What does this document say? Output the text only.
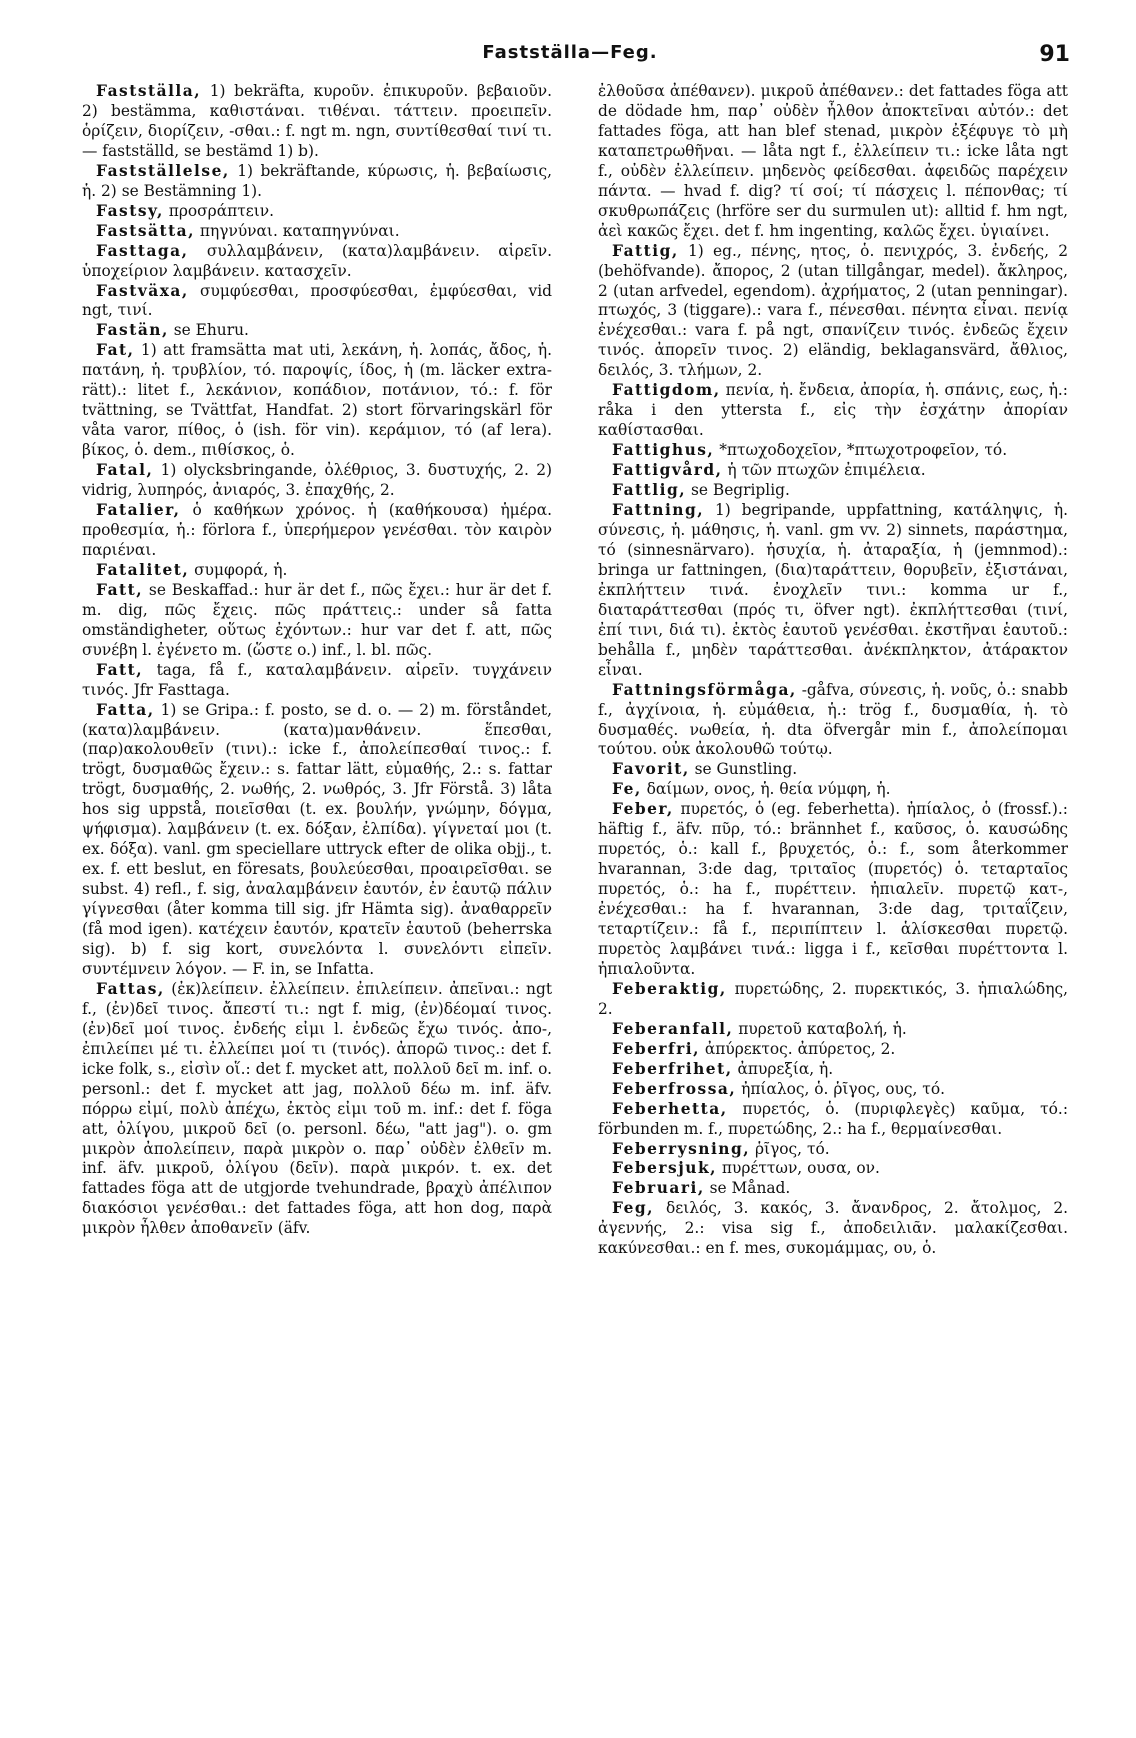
Fastställa—Feg.	91

Fastställa, 1) bekräfta, κυροῦν. ἐπικυροῦν. βεβαιοῦν. 2) bestämma, καθιστάναι. τιθέναι. τάττειν. προειπεῖν. ὁρίζειν, διορίζειν, -σθαι.: f. ngt m. ngn, συντίθεσθαί τινί τι. — fastställd, se bestämd 1) b).

Fastställelse, 1) bekräftande, κύρωσις, ἡ. βεβαίωσις, ἡ. 2) se Bestämning 1).

Fastsy, προσράπτειν.

Fastsätta, πηγνύναι. καταπηγνύναι.

Fasttaga, συλλαμβάνειν, (κατα)λαμβάνειν. αἱρεῖν. ὑποχείριον λαμβάνειν. κατασχεῖν.

Fastväxa, συμφύεσθαι, προσφύεσθαι, ἐμφύεσθαι, vid ngt, τινί.

Fastän, se Ehuru.

Fat, 1) att framsätta mat uti, λεκάνη, ἡ. λοπάς, ἄδος, ἡ. πατάνη, ἡ. τρυβλίον, τό. παροψίς, ίδος, ἡ (m. läcker extra-rätt).: litet f., λεκάνιον, κοπάδιον, ποτάνιον, τό.: f. för tvättning, se Tvättfat, Handfat. 2) stort förvaringskärl för våta varor, πίθος, ὁ (ish. för vin). κεράμιον, τό (af lera). βίκος, ὁ. dem., πιθίσκος, ὁ.

Fatal, 1) olycksbringande, ὀλέθριος, 3. δυστυχής, 2. 2) vidrig, λυπηρός, ἀνιαρός, 3. ἐπαχθής, 2.

Fatalier, ὁ καθήκων χρόνος. ἡ (καθήκουσα) ἡμέρα. προθεσμία, ἡ.: förlora f., ὑπερήμερον γενέσθαι. τὸν καιρὸν παριέναι.

Fatalitet, συμφορά, ἡ.

Fatt, se Beskaffad.: hur är det f., πῶς ἔχει.: hur är det f. m. dig, πῶς ἔχεις. πῶς πράττεις.: under så fatta omständigheter, οὕτως ἐχόντων.: hur var det f. att, πῶς συνέβη l. ἐγένετο m. (ὥστε o.) inf., l. bl. πῶς.

Fatt, taga, få f., καταλαμβάνειν. αἱρεῖν. τυγχάνειν τινός. Jfr Fasttaga.

Fatta, 1) se Gripa.: f. posto, se d. o. — 2) m. förståndet, (κατα)λαμβάνειν. (κατα)μανθάνειν. ἕπεσθαι, (παρ)ακολουθεῖν (τινι).: icke f., ἀπολείπεσθαί τινος.: f. trögt, δυσμαθῶς ἔχειν.: s. fattar lätt, εὐμαθής, 2.: s. fattar trögt, δυσμαθής, 2. νωθής, 2. νωθρός, 3. Jfr Förstå. 3) låta hos sig uppstå, ποιεῖσθαι (t. ex. βουλήν, γνώμην, δόγμα, ψήφισμα). λαμβάνειν (t. ex. δόξαν, ἐλπίδα). γίγνεταί μοι (t. ex. δόξα). vanl. gm speciellare uttryck efter de olika objj., t. ex. f. ett beslut, en föresats, βουλεύεσθαι, προαιρεῖσθαι. se subst. 4) refl., f. sig, ἀναλαμβάνειν ἑαυτόν, ἐν ἑαυτῷ πάλιν γίγνεσθαι (åter komma till sig. jfr Hämta sig). ἀναθαρρεῖν (få mod igen). κατέχειν ἑαυτόν, κρατεῖν ἑαυτοῦ (beherrska sig). b) f. sig kort, συνελόντα l. συνελόντι εἰπεῖν. συντέμνειν λόγον. — F. in, se Infatta.

Fattas, (ἐκ)λείπειν. ἐλλείπειν. ἐπιλείπειν. ἀπεῖναι.: ngt f., (ἐν)δεῖ τινος. ἄπεστί τι.: ngt f. mig, (ἐν)δέομαί τινος. (ἐν)δεῖ μοί τινος. ἐνδεής εἰμι l. ἐνδεῶς ἔχω τινός. ἀπο-, ἐπιλείπει μέ τι. ἐλλείπει μοί τι (τινός). ἀπορῶ τινος.: det f. icke folk, s., εἰσὶν οἵ.: det f. mycket att, πολλοῦ δεῖ m. inf. o. personl.: det f. mycket att jag, πολλοῦ δέω m. inf. äfv. πόρρω εἰμί, πολὺ ἀπέχω, ἐκτὸς εἰμι τοῦ m. inf.: det f. föga att, ὀλίγου, μικροῦ δεῖ (o. personl. δέω, "att jag"). o. gm μικρὸν ἀπολείπειν, παρὰ μικρὸν o. παρ᾽ οὐδὲν ἐλθεῖν m. inf. äfv. μικροῦ, ὀλίγου (δεῖν). παρὰ μικρόν. t. ex. det fattades föga att de utgjorde tvehundrade, βραχὺ ἀπέλιπον διακόσιοι γενέσθαι.: det fattades föga, att hon dog, παρὰ μικρὸν ἦλθεν ἀποθανεῖν (äfv.

ἐλθοῦσα ἀπέθανεν). μικροῦ ἀπέθανεν.: det fattades föga att de dödade hm, παρ᾽ οὐδὲν ἦλθον ἀποκτεῖναι αὐτόν.: det fattades föga, att han blef stenad, μικρὸν ἐξέφυγε τὸ μὴ καταπετρωθῆναι. — låta ngt f., ἐλλείπειν τι.: icke låta ngt f., οὐδὲν ἐλλείπειν. μηδενὸς φείδεσθαι. ἀφειδῶς παρέχειν πάντα. — hvad f. dig? τί σοί; τί πάσχεις l. πέπονθας; τί σκυθρωπάζεις (hrföre ser du surmulen ut): alltid f. hm ngt, ἀεὶ κακῶς ἔχει. det f. hm ingenting, καλῶς ἔχει. ὑγιαίνει.

Fattig, 1) eg., πένης, ητος, ὁ. πενιχρός, 3. ἐνδεής, 2 (behöfvande). ἄπορος, 2 (utan tillgångar, medel). ἄκληρος, 2 (utan arfvedel, egendom). ἀχρήματος, 2 (utan penningar). πτωχός, 3 (tiggare).: vara f., πένεσθαι. πένητα εἶναι. πενίᾳ ἐνέχεσθαι.: vara f. på ngt, σπανίζειν τινός. ἐνδεῶς ἔχειν τινός. ἀπορεῖν τινος. 2) eländig, beklagansvärd, ἄθλιος, δειλός, 3. τλήμων, 2.

Fattigdom, πενία, ἡ. ἔνδεια, ἀπορία, ἡ. σπάνις, εως, ἡ.: råka i den yttersta f., εἰς τὴν ἐσχάτην ἀπορίαν καθίστασθαι.

Fattighus, *πτωχοδοχεῖον, *πτωχοτροφεῖον, τό.

Fattigvård, ἡ τῶν πτωχῶν ἐπιμέλεια.

Fattlig, se Begriplig.

Fattning, 1) begripande, uppfattning, κατάληψις, ἡ. σύνεσις, ἡ. μάθησις, ἡ. vanl. gm vv. 2) sinnets, παράστημα, τό (sinnesnärvaro). ἡσυχία, ἡ. ἀταραξία, ἡ (jemnmod).: bringa ur fattningen, (δια)ταράττειν, θορυβεῖν, ἐξιστάναι, ἐκπλήττειν τινά. ἐνοχλεῖν τινι.: komma ur f., διαταράττεσθαι (πρός τι, öfver ngt). ἐκπλήττεσθαι (τινί, ἐπί τινι, διά τι). ἐκτὸς ἑαυτοῦ γενέσθαι. ἐκστῆναι ἑαυτοῦ.: behålla f., μηδὲν ταράττεσθαι. ἀνέκπληκτον, ἀτάρακτον εἶναι.

Fattningsförmåga, -gåfva, σύνεσις, ἡ. νοῦς, ὁ.: snabb f., ἀγχίνοια, ἡ. εὐμάθεια, ἡ.: trög f., δυσμαθία, ἡ. τὸ δυσμαθές. νωθεία, ἡ. dta öfvergår min f., ἀπολείπομαι τούτου. οὐκ ἀκολουθῶ τούτῳ.

Favorit, se Gunstling.

Fe, δαίμων, ονος, ἡ. θεία νύμφη, ἡ.

Feber, πυρετός, ὁ (eg. feberhetta). ἠπίαλος, ὁ (frossf.).: häftig f., äfv. πῦρ, τό.: brännhet f., καῦσος, ὁ. καυσώδης πυρετός, ὁ.: kall f., βρυχετός, ὁ.: f., som återkommer hvarannan, 3:de dag, τριταῖος (πυρετός) ὁ. τεταρταῖος πυρετός, ὁ.: ha f., πυρέττειν. ἠπιαλεῖν. πυρετῷ κατ-, ἐνέχεσθαι.: ha f. hvarannan, 3:de dag, τριταΐζειν, τεταρτίζειν.: få f., περιπίπτειν l. ἁλίσκεσθαι πυρετῷ. πυρετὸς λαμβάνει τινά.: ligga i f., κεῖσθαι πυρέττοντα l. ἠπιαλοῦντα.

Feberaktig, πυρετώδης, 2. πυρεκτικός, 3. ἠπιαλώδης, 2.

Feberanfall, πυρετοῦ καταβολή, ἡ.

Feberfri, ἀπύρεκτος. ἀπύρετος, 2.

Feberfrihet, ἀπυρεξία, ἡ.

Feberfrossa, ἠπίαλος, ὁ. ῥῖγος, ους, τό.

Feberhetta, πυρετός, ὁ. (πυριφλεγὲς) καῦμα, τό.: förbunden m. f., πυρετώδης, 2.: ha f., θερμαίνεσθαι.

Feberrysning, ῥῖγος, τό.

Febersjuk, πυρέττων, ουσα, ον.

Februari, se Månad.

Feg, δειλός, 3. κακός, 3. ἄνανδρος, 2. ἄτολμος, 2. ἀγεννής, 2.: visa sig f., ἀποδειλιᾶν. μαλακίζεσθαι. κακύνεσθαι.: en f. mes, συκομάμμας, ου, ὁ.
